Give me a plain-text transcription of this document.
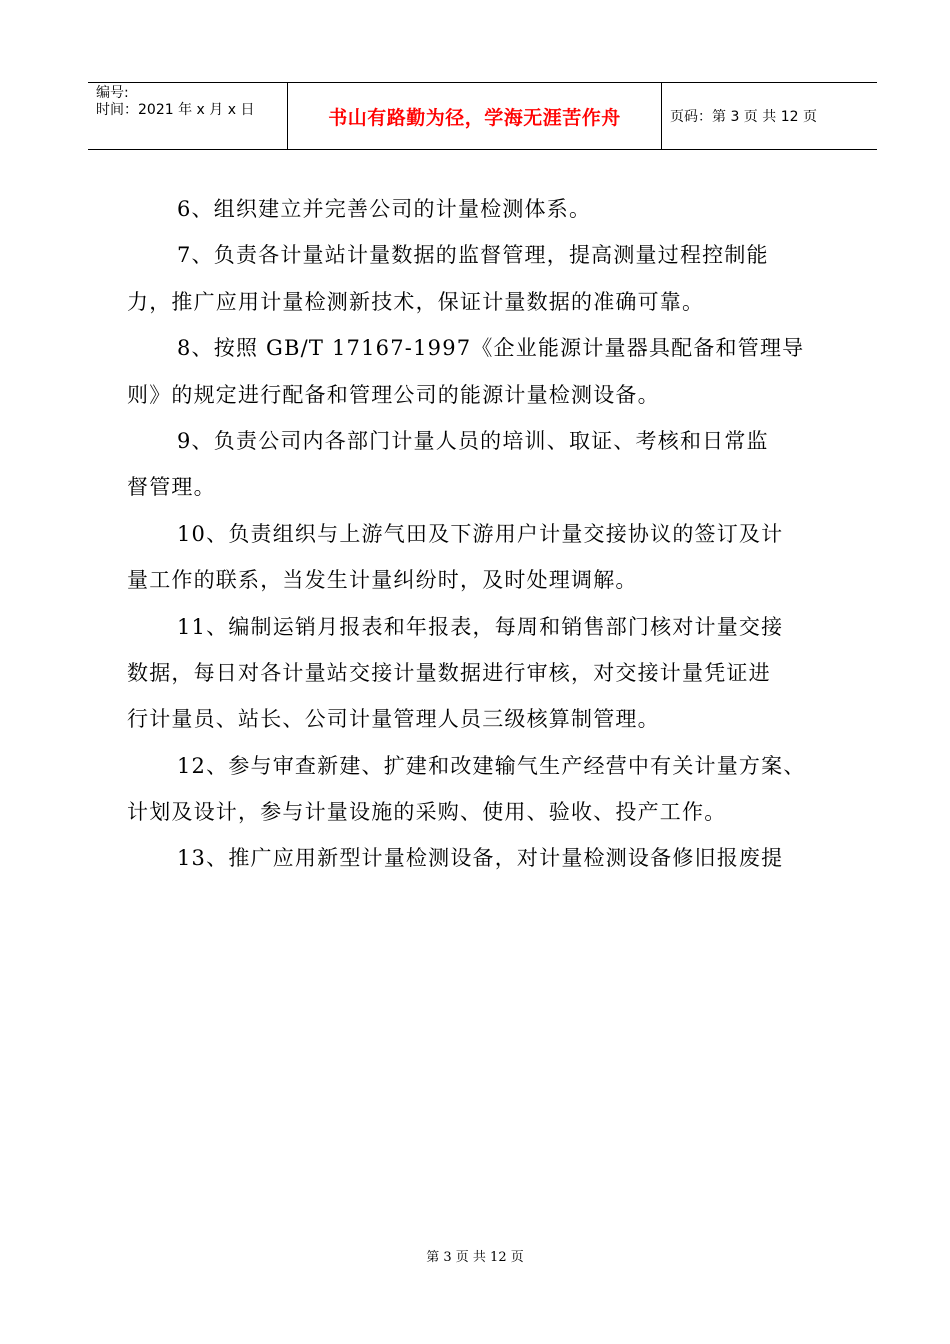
编号:
时间：2021 年 x 月 x 日	书山有路勤为径，学海无涯苦作舟	页码：第 3 页 共 12 页
6、组织建立并完善公司的计量检测体系。
7、负责各计量站计量数据的监督管理，提高测量过程控制能
力，推广应用计量检测新技术，保证计量数据的准确可靠。
8、按照 GB/T 17167-1997《企业能源计量器具配备和管理导
则》的规定进行配备和管理公司的能源计量检测设备。
9、负责公司内各部门计量人员的培训、取证、考核和日常监
督管理。
10、负责组织与上游气田及下游用户计量交接协议的签订及计
量工作的联系，当发生计量纠纷时，及时处理调解。
11、编制运销月报表和年报表，每周和销售部门核对计量交接
数据，每日对各计量站交接计量数据进行审核，对交接计量凭证进
行计量员、站长、公司计量管理人员三级核算制管理。
12、参与审查新建、扩建和改建输气生产经营中有关计量方案、
计划及设计，参与计量设施的采购、使用、验收、投产工作。
13、推广应用新型计量检测设备，对计量检测设备修旧报废提
第 3 页 共 12 页
